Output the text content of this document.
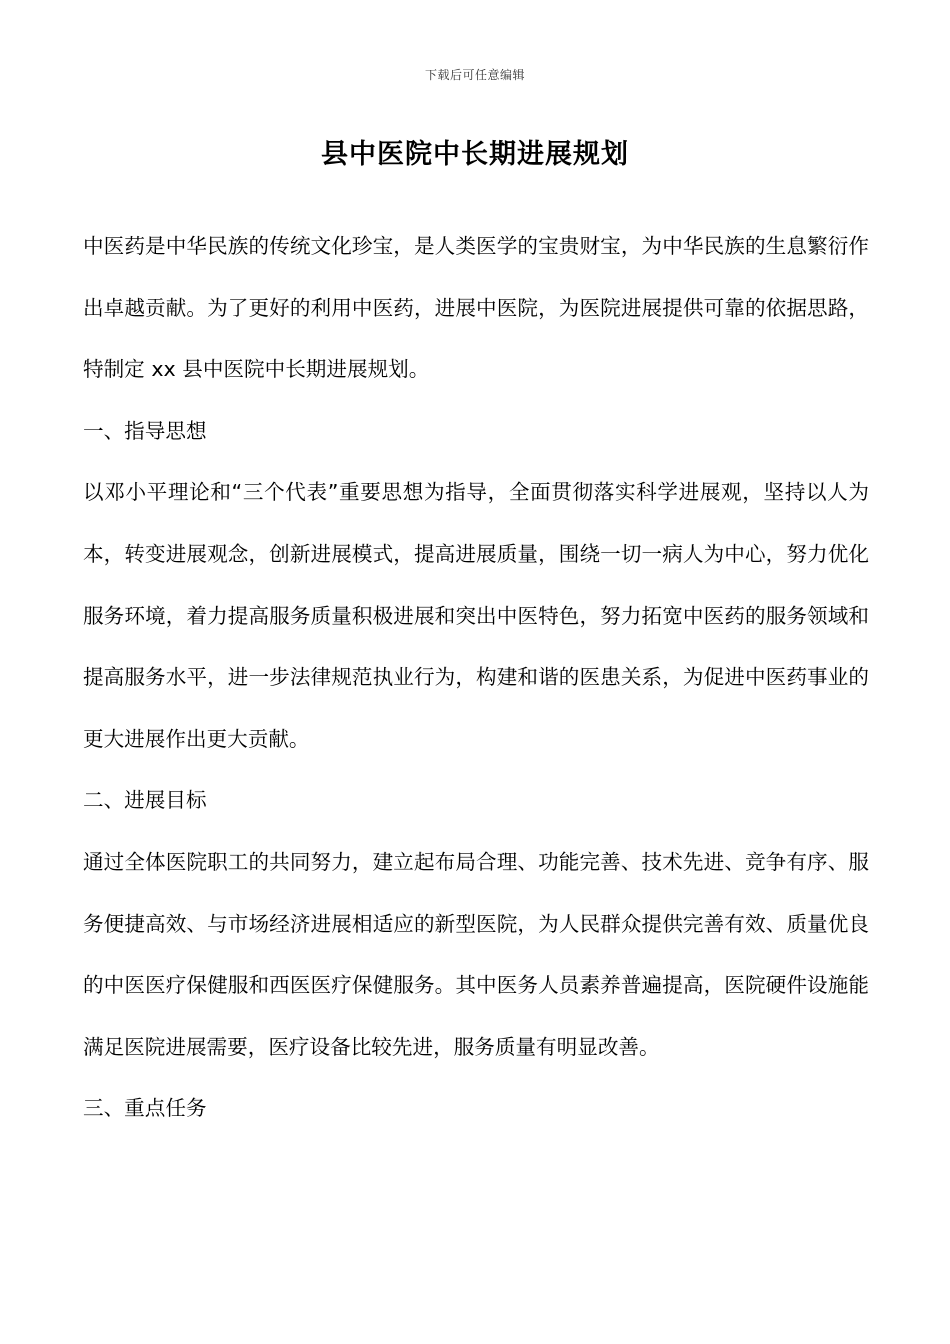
下载后可任意编辑
县中医院中长期进展规划

中医药是中华民族的传统文化珍宝，是人类医学的宝贵财宝，为中华民族的生息繁衍作出卓越贡献。为了更好的利用中医药，进展中医院，为医院进展提供可靠的依据思路，特制定 xx 县中医院中长期进展规划。

一、指导思想

以邓小平理论和“三个代表”重要思想为指导，全面贯彻落实科学进展观，坚持以人为本，转变进展观念，创新进展模式，提高进展质量，围绕一切一病人为中心，努力优化服务环境，着力提高服务质量积极进展和突出中医特色，努力拓宽中医药的服务领域和提高服务水平，进一步法律规范执业行为，构建和谐的医患关系，为促进中医药事业的更大进展作出更大贡献。

二、进展目标

通过全体医院职工的共同努力，建立起布局合理、功能完善、技术先进、竞争有序、服务便捷高效、与市场经济进展相适应的新型医院，为人民群众提供完善有效、质量优良的中医医疗保健服和西医医疗保健服务。其中医务人员素养普遍提高，医院硬件设施能满足医院进展需要，医疗设备比较先进，服务质量有明显改善。

三、重点任务
